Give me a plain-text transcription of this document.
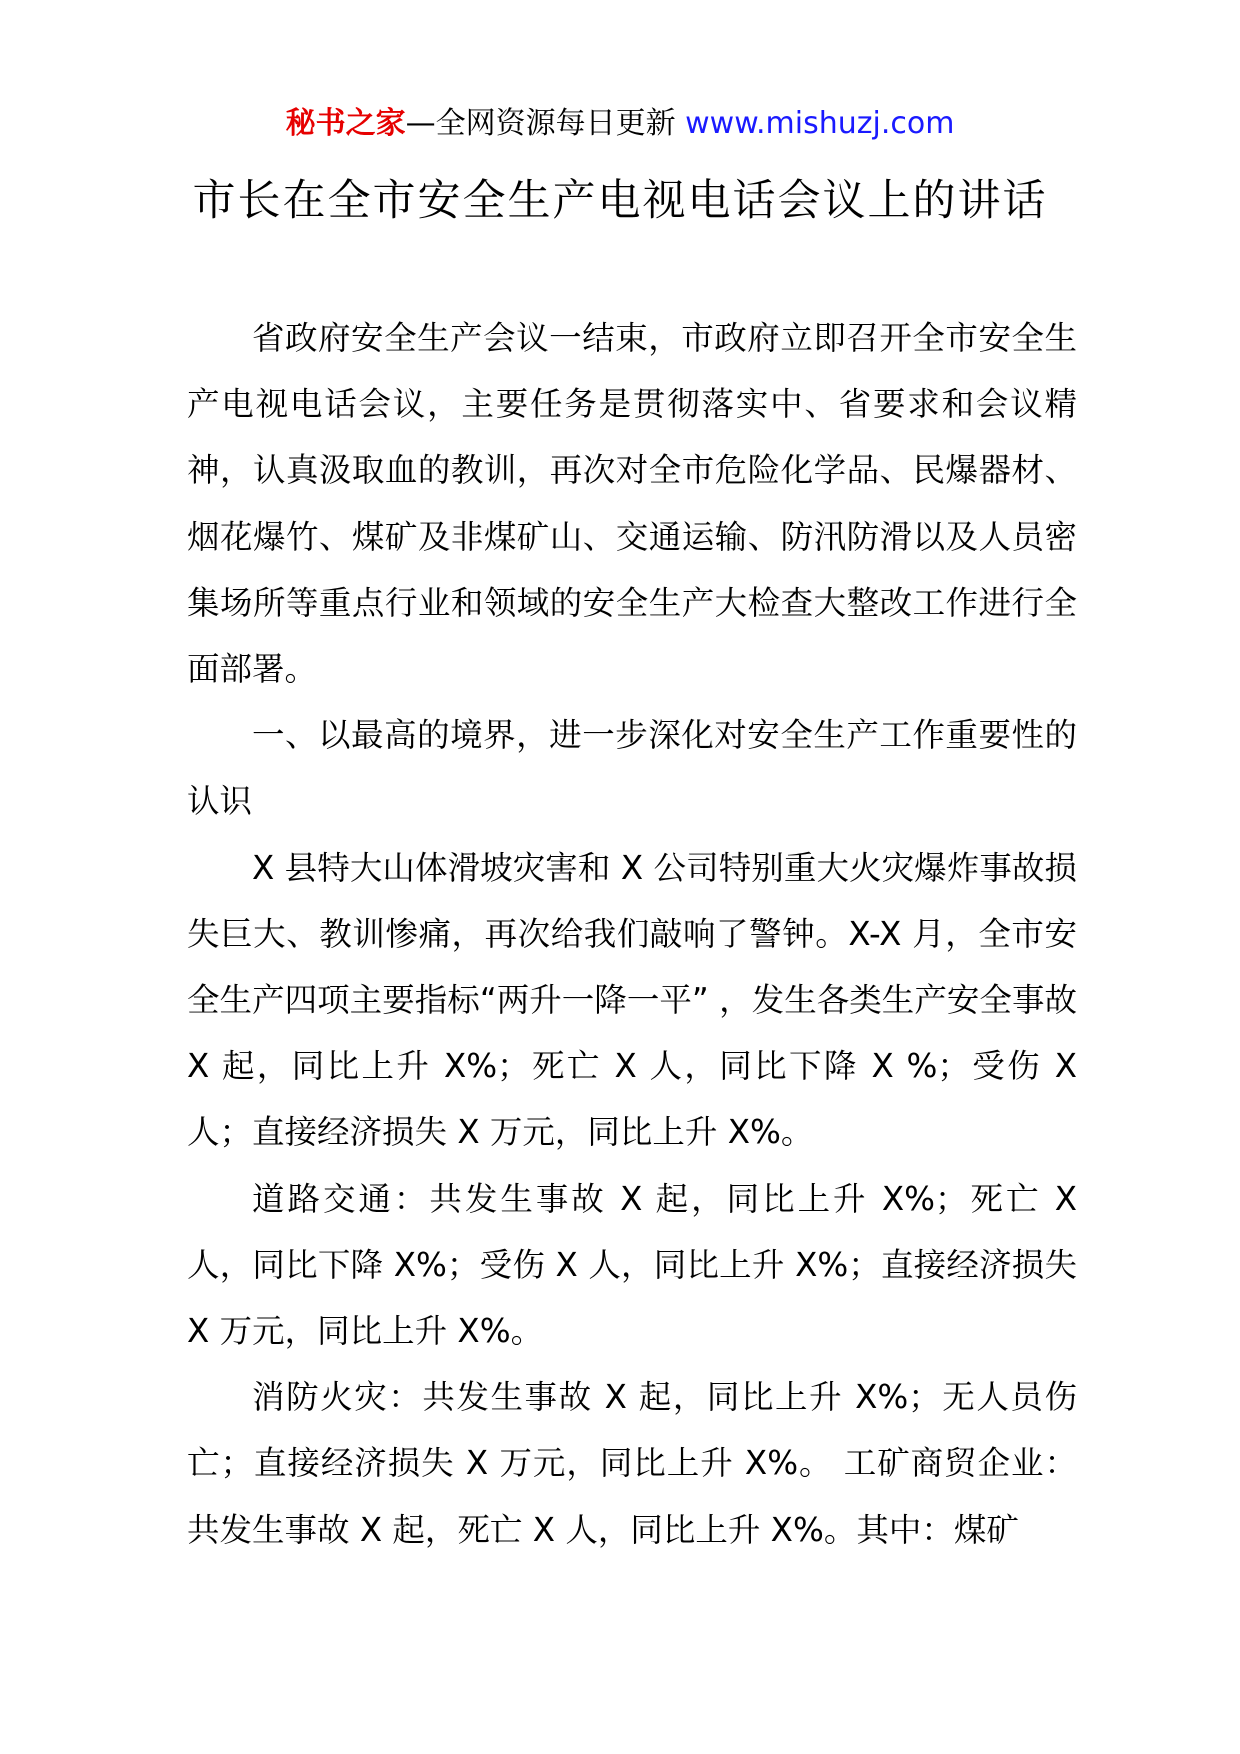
秘书之家—全网资源每日更新 www.mishuzj.com
市长在全市安全生产电视电话会议上的讲话

省政府安全生产会议一结束，市政府立即召开全市安全生产电视电话会议，主要任务是贯彻落实中、省要求和会议精神，认真汲取血的教训，再次对全市危险化学品、民爆器材、烟花爆竹、煤矿及非煤矿山、交通运输、防汛防滑以及人员密集场所等重点行业和领域的安全生产大检查大整改工作进行全面部署。

一、以最高的境界，进一步深化对安全生产工作重要性的认识

X 县特大山体滑坡灾害和 X 公司特别重大火灾爆炸事故损失巨大、教训惨痛，再次给我们敲响了警钟。X-X 月，全市安全生产四项主要指标“两升一降一平” ，发生各类生产安全事故 X 起，同比上升 X%；死亡 X 人，同比下降 X %；受伤 X 人；直接经济损失 X 万元，同比上升 X%。

道路交通：共发生事故 X 起，同比上升 X%；死亡 X 人，同比下降 X%；受伤 X 人，同比上升 X%；直接经济损失 X 万元，同比上升 X%。

消防火灾：共发生事故 X 起，同比上升 X%；无人员伤亡；直接经济损失 X 万元，同比上升 X%。 工矿商贸企业：共发生事故 X 起，死亡 X 人，同比上升 X%。其中：煤矿
